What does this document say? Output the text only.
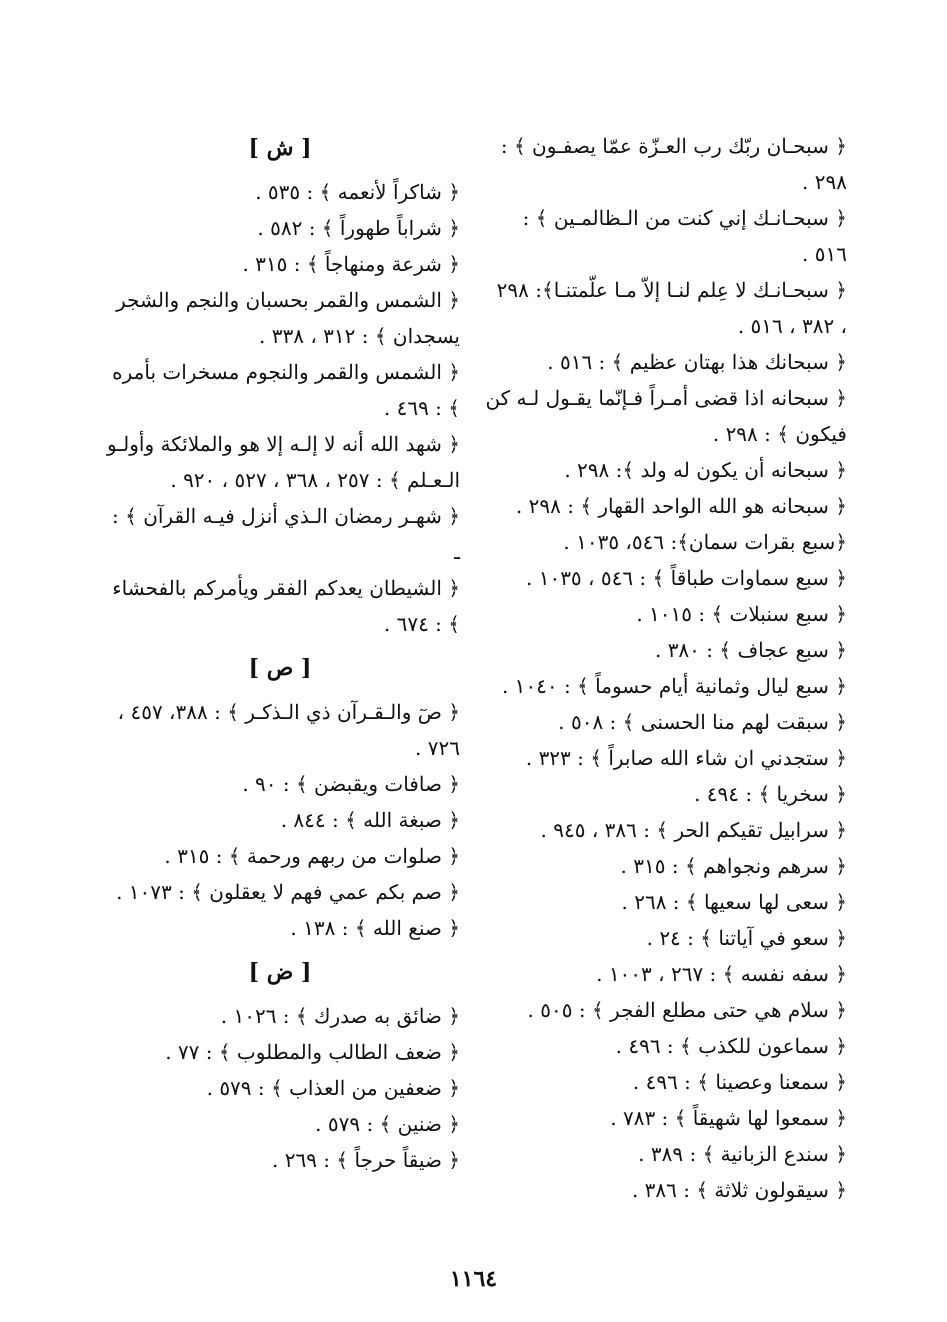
﴿ سبحـان ربّك رب العـزّة عمّا يصفـون ﴾ : ٢٩٨ .

﴿ سبحـانـك إني كنت من الـظالمـين ﴾ : ٥١٦ .

﴿ سبحـانـك لا عِلم لنـا إلاّ مـا علّمتنـا﴾: ٢٩٨ ، ٣٨٢ ، ٥١٦ .

﴿ سبحانك هذا بهتان عظيم ﴾ : ٥١٦ .

﴿ سبحانه اذا قضى أمـراً فـإنّما يقـول لـه كن فيكون ﴾ : ٢٩٨ .

﴿ سبحانه أن يكون له ولد ﴾: ٢٩٨ .

﴿ سبحانه هو الله الواحد القهار ﴾ : ٢٩٨ .

﴿سبع بقرات سمان﴾: ٥٤٦، ١٠٣٥ .

﴿ سبع سماوات طباقاً ﴾ : ٥٤٦ ، ١٠٣٥ .

﴿ سبع سنبلات ﴾ : ١٠١٥ .

﴿ سبع عجاف ﴾ : ٣٨٠ .

﴿ سبع ليال وثمانية أيام حسوماً ﴾ : ١٠٤٠ .

﴿ سبقت لهم منا الحسنى ﴾ : ٥٠٨ .

﴿ ستجدني ان شاء الله صابراً ﴾ : ٣٢٣ .

﴿ سخريا ﴾ : ٤٩٤ .

﴿ سرابيل تقيكم الحر ﴾ : ٣٨٦ ، ٩٤٥ .

﴿ سرهم ونجواهم ﴾ : ٣١٥ .

﴿ سعى لها سعيها ﴾ : ٢٦٨ .

﴿ سعو في آياتنا ﴾ : ٢٤ .

﴿ سفه نفسه ﴾ : ٢٦٧ ، ١٠٠٣ .

﴿ سلام هي حتى مطلع الفجر ﴾ : ٥٠٥ .

﴿ سماعون للكذب ﴾ : ٤٩٦ .

﴿ سمعنا وعصينا ﴾ : ٤٩٦ .

﴿ سمعوا لها شهيقاً ﴾ : ٧٨٣ .

﴿ سندع الزبانية ﴾ : ٣٨٩ .

﴿ سيقولون ثلاثة ﴾ : ٣٨٦ .

[ ش ]

﴿ شاكراً لأنعمه ﴾ : ٥٣٥ .

﴿ شراباً طهوراً ﴾ : ٥٨٢ .

﴿ شرعة ومنهاجاً ﴾ : ٣١٥ .

﴿ الشمس والقمر بحسبان والنجم والشجر يسجدان ﴾ : ٣١٢ ، ٣٣٨ .

﴿ الشمس والقمر والنجوم مسخرات بأمره ﴾ : ٤٦٩ .

﴿ شهد الله أنه لا إلـه إلا هو والملائكة وأولـو الـعـلم ﴾ : ٢٥٧ ، ٣٦٨ ، ٥٢٧ ، ٩٢٠ .

﴿ شهـر رمضان الـذي أنزل فيـه القرآن ﴾ : ـ

﴿ الشيطان يعدكم الفقر ويأمركم بالفحشاء ﴾ : ٦٧٤ .

[ ص ]

﴿ صٓ والـقـرآن ذي الـذكـر ﴾ : ٣٨٨، ٤٥٧ ، ٧٢٦ .

﴿ صافات ويقبضن ﴾ : ٩٠ .

﴿ صبغة الله ﴾ : ٨٤٤ .

﴿ صلوات من ربهم ورحمة ﴾ : ٣١٥ .

﴿ صم بكم عمي فهم لا يعقلون ﴾ : ١٠٧٣ .

﴿ صنع الله ﴾ : ١٣٨ .

[ ض ]

﴿ ضائق به صدرك ﴾ : ١٠٢٦ .

﴿ ضعف الطالب والمطلوب ﴾ : ٧٧ .

﴿ ضعفين من العذاب ﴾ : ٥٧٩ .

﴿ ضنين ﴾ : ٥٧٩ .

﴿ ضيقاً حرجاً ﴾ : ٢٦٩ .

١١٦٤
